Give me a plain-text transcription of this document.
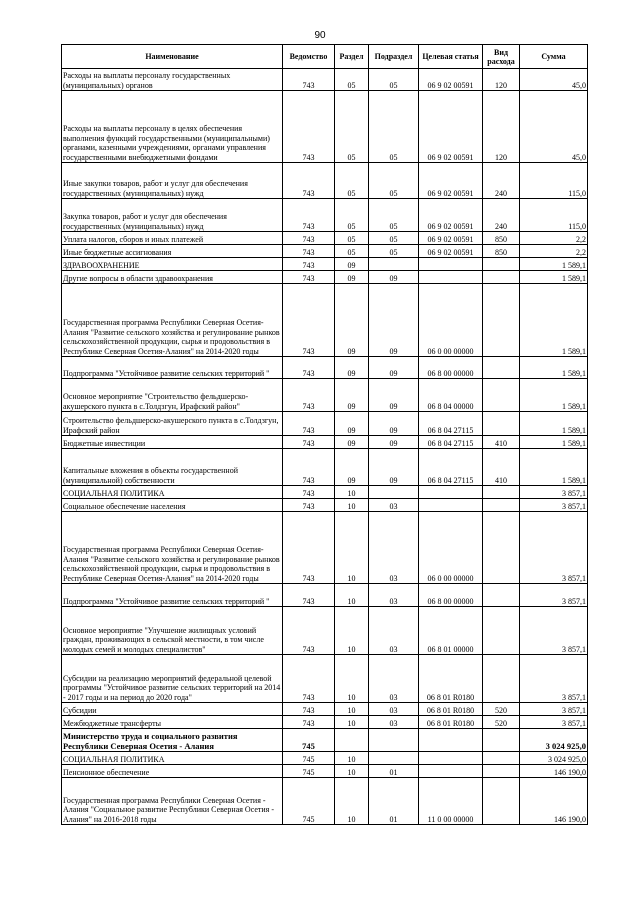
90
Наименование	Ведомство	Раздел	Подраздел	Целевая статья	Вид расхода	Сумма
Расходы на выплаты персоналу государственных (муниципальных) органов	743	05	05	06 9 02 00591	120	45,0
Расходы на выплаты персоналу в целях обеспечения выполнения функций государственными (муниципальными) органами, казенными учреждениями, органами управления государственными внебюджетными фондами	743	05	05	06 9 02 00591	120	45,0
Иные закупки товаров, работ и услуг для обеспечения государственных (муниципальных) нужд	743	05	05	06 9 02 00591	240	115,0
Закупка товаров, работ и услуг для обеспечения государственных (муниципальных) нужд	743	05	05	06 9 02 00591	240	115,0
Уплата налогов, сборов и иных платежей	743	05	05	06 9 02 00591	850	2,2
Иные бюджетные ассигнования	743	05	05	06 9 02 00591	850	2,2
ЗДРАВООХРАНЕНИЕ	743	09				1 589,1
Другие вопросы в области здравоохранения	743	09	09			1 589,1
Государственная программа Республики Северная Осетия-Алания "Развитие сельского хозяйства и регулирование рынков сельскохозяйственной продукции, сырья и продовольствия в Республике Северная Осетия-Алания" на 2014-2020 годы	743	09	09	06 0 00 00000		1 589,1
Подпрограмма "Устойчивое развитие сельских территорий "	743	09	09	06 8 00 00000		1 589,1
Основное мероприятие "Строительство фельдшерско-акушерского пункта в с.Толдзгун, Ирафский район"	743	09	09	06 8 04 00000		1 589,1
Строительство фельдшерско-акушерского пункта в с.Толдзгун, Ирафский район	743	09	09	06 8 04 27115		1 589,1
Бюджетные инвестиции	743	09	09	06 8 04 27115	410	1 589,1
Капитальные вложения в объекты государственной (муниципальной) собственности	743	09	09	06 8 04 27115	410	1 589,1
СОЦИАЛЬНАЯ ПОЛИТИКА	743	10				3 857,1
Социальное обеспечение населения	743	10	03			3 857,1
Государственная программа Республики Северная Осетия-Алания "Развитие сельского хозяйства и регулирование рынков сельскохозяйственной продукции, сырья и продовольствия в Республике Северная Осетия-Алания" на 2014-2020 годы	743	10	03	06 0 00 00000		3 857,1
Подпрограмма "Устойчивое развитие сельских территорий "	743	10	03	06 8 00 00000		3 857,1
Основное мероприятие "Улучшение жилищных условий граждан, проживающих в сельской местности, в том числе молодых семей и молодых специалистов"	743	10	03	06 8 01 00000		3 857,1
Субсидии на реализацию мероприятий федеральной целевой программы "Устойчивое развитие сельских территорий на 2014 - 2017 годы и на период до 2020 года"	743	10	03	06 8 01 R0180		3 857,1
Субсидии	743	10	03	06 8 01 R0180	520	3 857,1
Межбюджетные трансферты	743	10	03	06 8 01 R0180	520	3 857,1
Министерство труда и социального развития Республики Северная Осетия - Алания	745					3 024 925,0
СОЦИАЛЬНАЯ ПОЛИТИКА	745	10				3 024 925,0
Пенсионное обеспечение	745	10	01			146 190,0
Государственная программа Республики Северная Осетия - Алания "Социальное развитие Республики Северная Осетия - Алания" на 2016-2018 годы	745	10	01	11 0 00 00000		146 190,0
